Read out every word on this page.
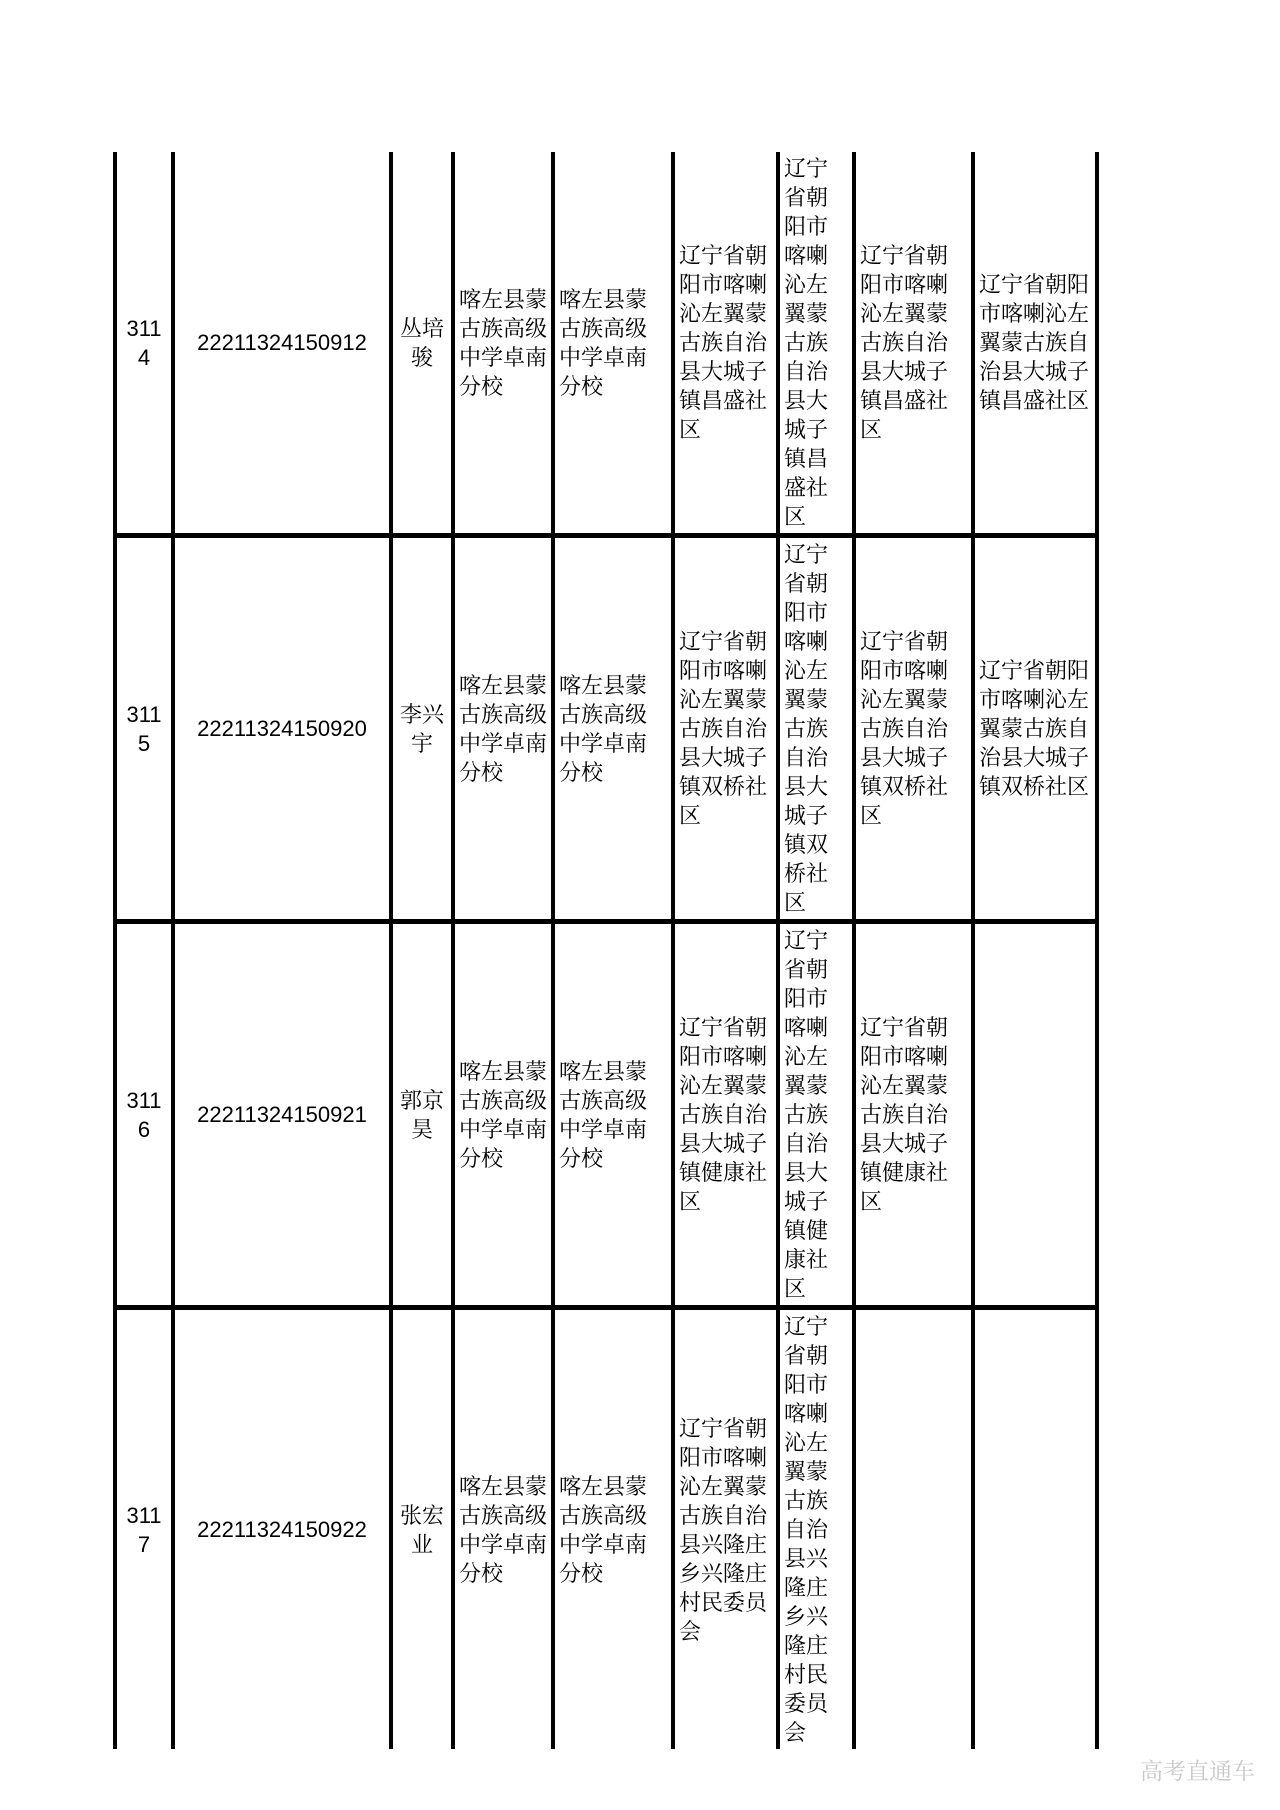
3114	22211324150912	丛培骏	喀左县蒙古族高级中学卓南分校	喀左县蒙古族高级中学卓南分校	辽宁省朝阳市喀喇沁左翼蒙古族自治县大城子镇昌盛社区	辽宁省朝阳市喀喇沁左翼蒙古族自治县大城子镇昌盛社区	辽宁省朝阳市喀喇沁左翼蒙古族自治县大城子镇昌盛社区	辽宁省朝阳市喀喇沁左翼蒙古族自治县大城子镇昌盛社区
3115	22211324150920	李兴宇	喀左县蒙古族高级中学卓南分校	喀左县蒙古族高级中学卓南分校	辽宁省朝阳市喀喇沁左翼蒙古族自治县大城子镇双桥社区	辽宁省朝阳市喀喇沁左翼蒙古族自治县大城子镇双桥社区	辽宁省朝阳市喀喇沁左翼蒙古族自治县大城子镇双桥社区	辽宁省朝阳市喀喇沁左翼蒙古族自治县大城子镇双桥社区
3116	22211324150921	郭京昊	喀左县蒙古族高级中学卓南分校	喀左县蒙古族高级中学卓南分校	辽宁省朝阳市喀喇沁左翼蒙古族自治县大城子镇健康社区	辽宁省朝阳市喀喇沁左翼蒙古族自治县大城子镇健康社区	辽宁省朝阳市喀喇沁左翼蒙古族自治县大城子镇健康社区	
3117	22211324150922	张宏业	喀左县蒙古族高级中学卓南分校	喀左县蒙古族高级中学卓南分校	辽宁省朝阳市喀喇沁左翼蒙古族自治县兴隆庄乡兴隆庄村民委员会	辽宁省朝阳市喀喇沁左翼蒙古族自治县兴隆庄乡兴隆庄村民委员会		
高考直通车
